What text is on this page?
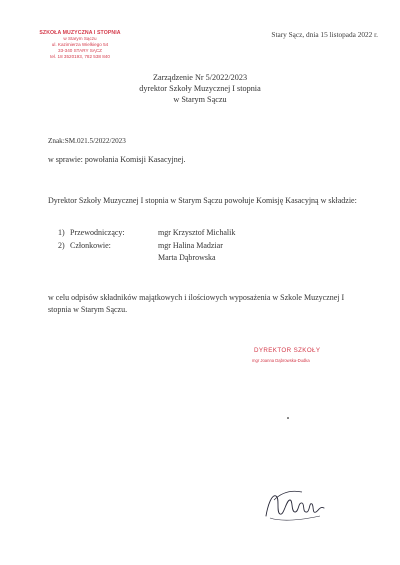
SZKOŁA MUZYCZNA I STOPNIA
w Starym Sączu
ul. Kazimierza Wielkiego 54
33-340 STARY SĄCZ
tel. 18 3520193, 782 538 840
Stary Sącz, dnia 15 listopada 2022 r.
Zarządzenie Nr 5/2022/2023
dyrektor Szkoły Muzycznej I stopnia
w Starym Sączu
Znak:SM.021.5/2022/2023
w sprawie: powołania Komisji Kasacyjnej.
Dyrektor Szkoły Muzycznej I stopnia w Starym Sączu powołuje Komisję Kasacyjną w składzie:
1) Przewodniczący:	mgr Krzysztof Michalik
2) Członkowie:	mgr Halina Madziar
Marta Dąbrowska
w celu odpisów składników majątkowych i ilościowych wyposażenia w Szkole Muzycznej I stopnia w Starym Sączu.
DYREKTOR SZKOŁY
mgr Joanna Dąbrowska-Dudka
